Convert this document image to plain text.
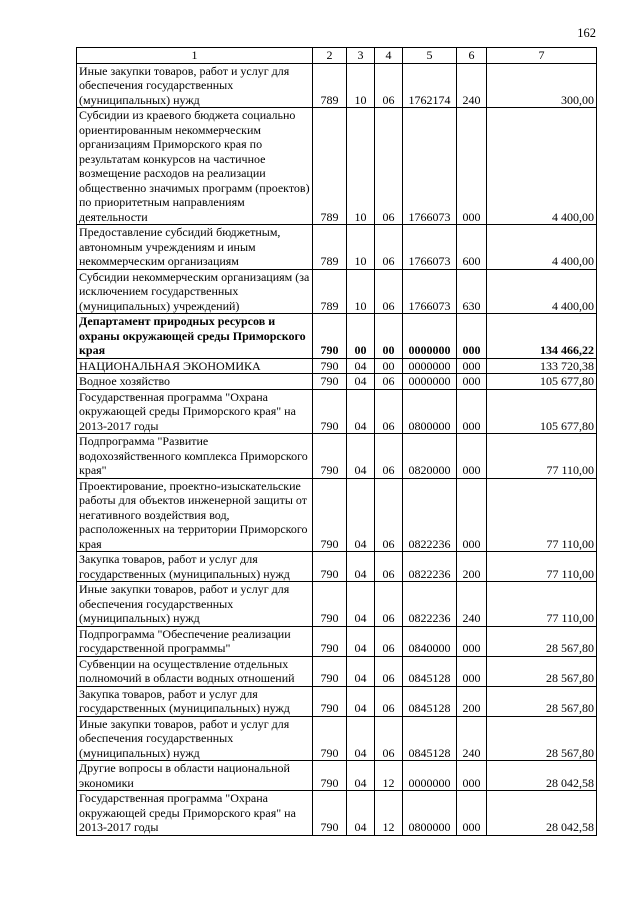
162
1	2	3	4	5	6	7
Иные закупки товаров, работ и услуг для обеспечения государственных (муниципальных) нужд	789	10	06	1762174	240	300,00
Субсидии из краевого бюджета социально ориентированным некоммерческим организациям Приморского края по результатам конкурсов на частичное возмещение расходов на реализации общественно значимых программ (проектов) по приоритетным направлениям деятельности	789	10	06	1766073	000	4 400,00
Предоставление субсидий бюджетным, автономным учреждениям и иным некоммерческим организациям	789	10	06	1766073	600	4 400,00
Субсидии некоммерческим организациям (за исключением государственных (муниципальных) учреждений)	789	10	06	1766073	630	4 400,00
Департамент природных ресурсов и охраны окружающей среды Приморского края	790	00	00	0000000	000	134 466,22
НАЦИОНАЛЬНАЯ ЭКОНОМИКА	790	04	00	0000000	000	133 720,38
Водное хозяйство	790	04	06	0000000	000	105 677,80
Государственная программа "Охрана окружающей среды Приморского края" на 2013-2017 годы	790	04	06	0800000	000	105 677,80
Подпрограмма "Развитие водохозяйственного комплекса Приморского края"	790	04	06	0820000	000	77 110,00
Проектирование, проектно-изыскательские работы для объектов инженерной защиты от негативного воздействия вод, расположенных на территории Приморского края	790	04	06	0822236	000	77 110,00
Закупка товаров, работ и услуг для государственных (муниципальных) нужд	790	04	06	0822236	200	77 110,00
Иные закупки товаров, работ и услуг для обеспечения государственных (муниципальных) нужд	790	04	06	0822236	240	77 110,00
Подпрограмма "Обеспечение реализации государственной программы"	790	04	06	0840000	000	28 567,80
Субвенции на осуществление отдельных полномочий в области водных отношений	790	04	06	0845128	000	28 567,80
Закупка товаров, работ и услуг для государственных (муниципальных) нужд	790	04	06	0845128	200	28 567,80
Иные закупки товаров, работ и услуг для обеспечения государственных (муниципальных) нужд	790	04	06	0845128	240	28 567,80
Другие вопросы в области национальной экономики	790	04	12	0000000	000	28 042,58
Государственная программа "Охрана окружающей среды Приморского края" на 2013-2017 годы	790	04	12	0800000	000	28 042,58
